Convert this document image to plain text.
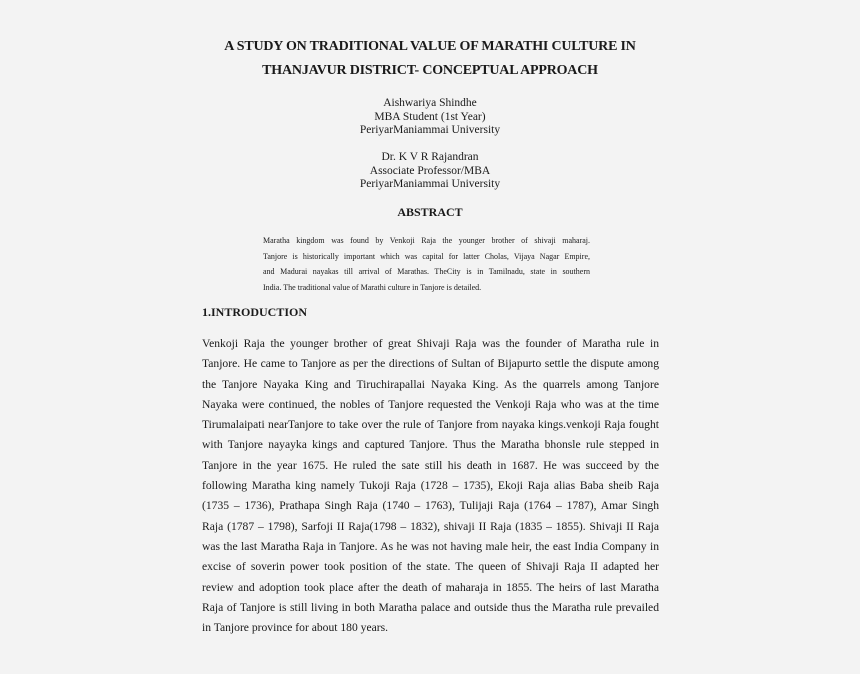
A STUDY ON TRADITIONAL VALUE OF MARATHI CULTURE IN
THANJAVUR DISTRICT- CONCEPTUAL APPROACH
Aishwariya Shindhe
MBA Student (1st Year)
PeriyarManiammai University
Dr. K V R Rajandran
Associate Professor/MBA
PeriyarManiammai University
ABSTRACT
Maratha kingdom was found by Venkoji Raja the younger brother of shivaji maharaj.
Tanjore is historically important which was capital for latter Cholas, Vijaya Nagar Empire,
and Madurai nayakas till arrival of Marathas. TheCity is in Tamilnadu, state in southern
India. The traditional value of Marathi culture in Tanjore is detailed.
1.INTRODUCTION
Venkoji Raja the younger brother of great Shivaji Raja was the founder of Maratha rule in
Tanjore. He came to Tanjore as per the directions of Sultan of Bijapurto settle the dispute among
the Tanjore Nayaka King and Tiruchirapallai Nayaka King. As the quarrels among Tanjore
Nayaka were continued, the nobles of Tanjore requested the Venkoji Raja who was at the time
Tirumalaipati nearTanjore to take over the rule of Tanjore from nayaka kings.venkoji Raja fought
with Tanjore nayayka kings and captured Tanjore. Thus the Maratha bhonsle rule stepped in
Tanjore in the year 1675. He ruled the sate still his death in 1687. He was succeed by the
following Maratha king namely Tukoji Raja (1728 – 1735), Ekoji Raja alias Baba sheib Raja
(1735 – 1736), Prathapa Singh Raja (1740 – 1763), Tulijaji Raja (1764 – 1787), Amar Singh
Raja (1787 – 1798), Sarfoji II Raja(1798 – 1832), shivaji II Raja (1835 – 1855). Shivaji II Raja
was the last Maratha Raja in Tanjore. As he was not having male heir, the east India Company in
excise of soverin power took position of the state. The queen of Shivaji Raja II adapted her
review and adoption took place after the death of maharaja in 1855. The heirs of last Maratha
Raja of Tanjore is still living in both Maratha palace and outside thus the Maratha rule prevailed
in Tanjore province for about 180 years.
